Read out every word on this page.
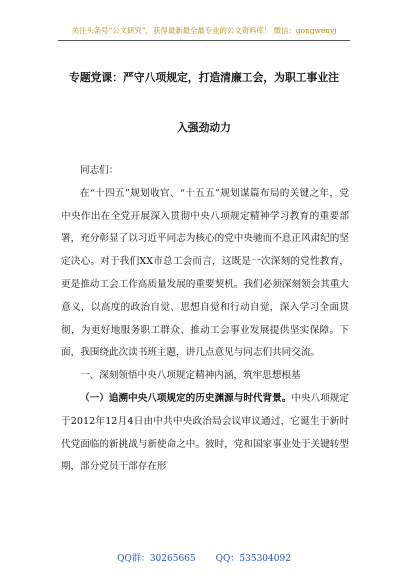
关注头条号“公文研究”，获得最新最全最专业的公文资料库！ 微信：gongwenyj
专题党课：严守八项规定，打造清廉工会，为职工事业注
入强劲动力

同志们：

在“十四五”规划收官、“十五五”规划谋篇布局的关键之年，党中央作出在全党开展深入贯彻中央八项规定精神学习教育的重要部署，充分彰显了以习近平同志为核心的党中央驰而不息正风肃纪的坚定决心。对于我们XX市总工会而言，这既是一次深刻的党性教育，更是推动工会工作高质量发展的重要契机。我们必须深刻领会其重大意义，以高度的政治自觉、思想自觉和行动自觉，深入学习全面贯彻，为更好地服务职工群众、推动工会事业发展提供坚实保障。下面，我围绕此次读书班主题，讲几点意见与同志们共同交流。

一、深刻领悟中央八项规定精神内涵，筑牢思想根基

（一）追溯中央八项规定的历史渊源与时代背景。中央八项规定于2012年12月4日由中共中央政治局会议审议通过，它诞生于新时代党面临的新挑战与新使命之中。彼时，党和国家事业处于关键转型期，部分党员干部存在形

QQ群：30265665 QQ：535304092
